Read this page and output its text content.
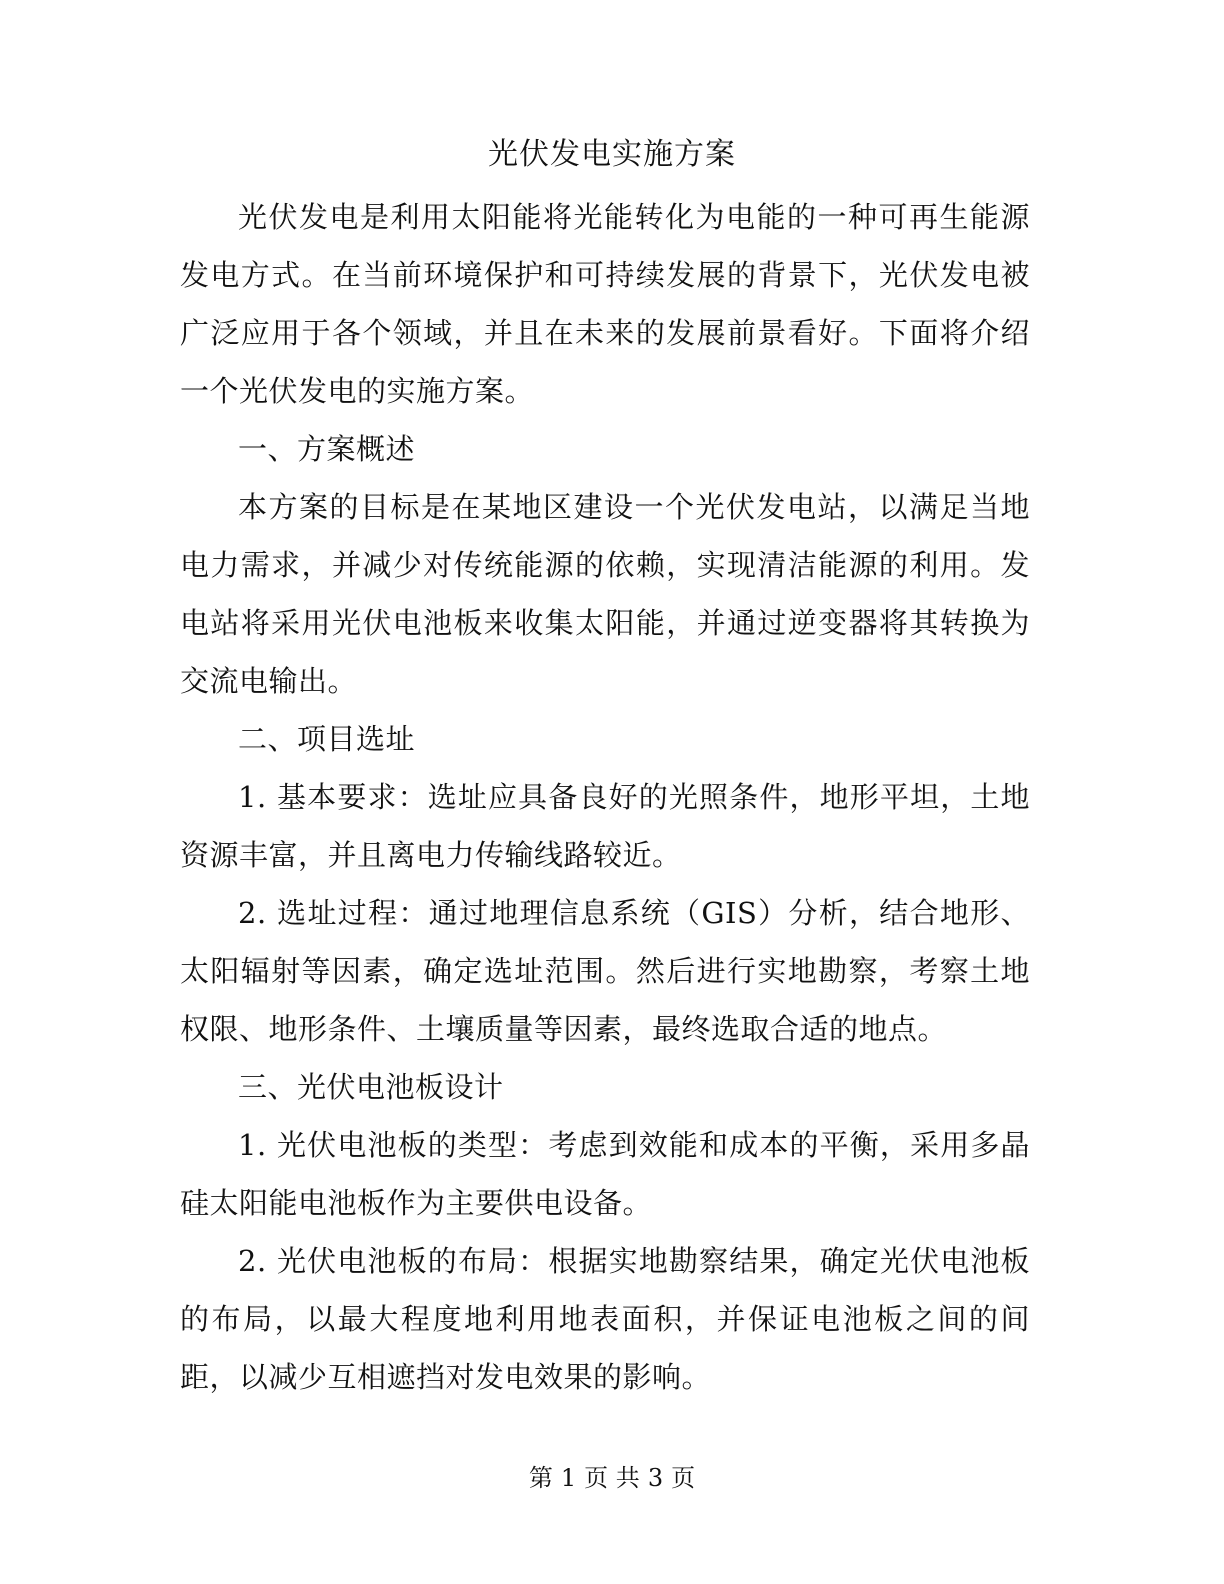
光伏发电实施方案

光伏发电是利用太阳能将光能转化为电能的一种可再生能源发电方式。在当前环境保护和可持续发展的背景下，光伏发电被广泛应用于各个领域，并且在未来的发展前景看好。下面将介绍一个光伏发电的实施方案。

一、方案概述

本方案的目标是在某地区建设一个光伏发电站，以满足当地电力需求，并减少对传统能源的依赖，实现清洁能源的利用。发电站将采用光伏电池板来收集太阳能，并通过逆变器将其转换为交流电输出。

二、项目选址

1. 基本要求：选址应具备良好的光照条件，地形平坦，土地资源丰富，并且离电力传输线路较近。

2. 选址过程：通过地理信息系统（GIS）分析，结合地形、太阳辐射等因素，确定选址范围。然后进行实地勘察，考察土地权限、地形条件、土壤质量等因素，最终选取合适的地点。

三、光伏电池板设计

1. 光伏电池板的类型：考虑到效能和成本的平衡，采用多晶硅太阳能电池板作为主要供电设备。

2. 光伏电池板的布局：根据实地勘察结果，确定光伏电池板的布局，以最大程度地利用地表面积，并保证电池板之间的间距，以减少互相遮挡对发电效果的影响。

第 1 页 共 3 页
